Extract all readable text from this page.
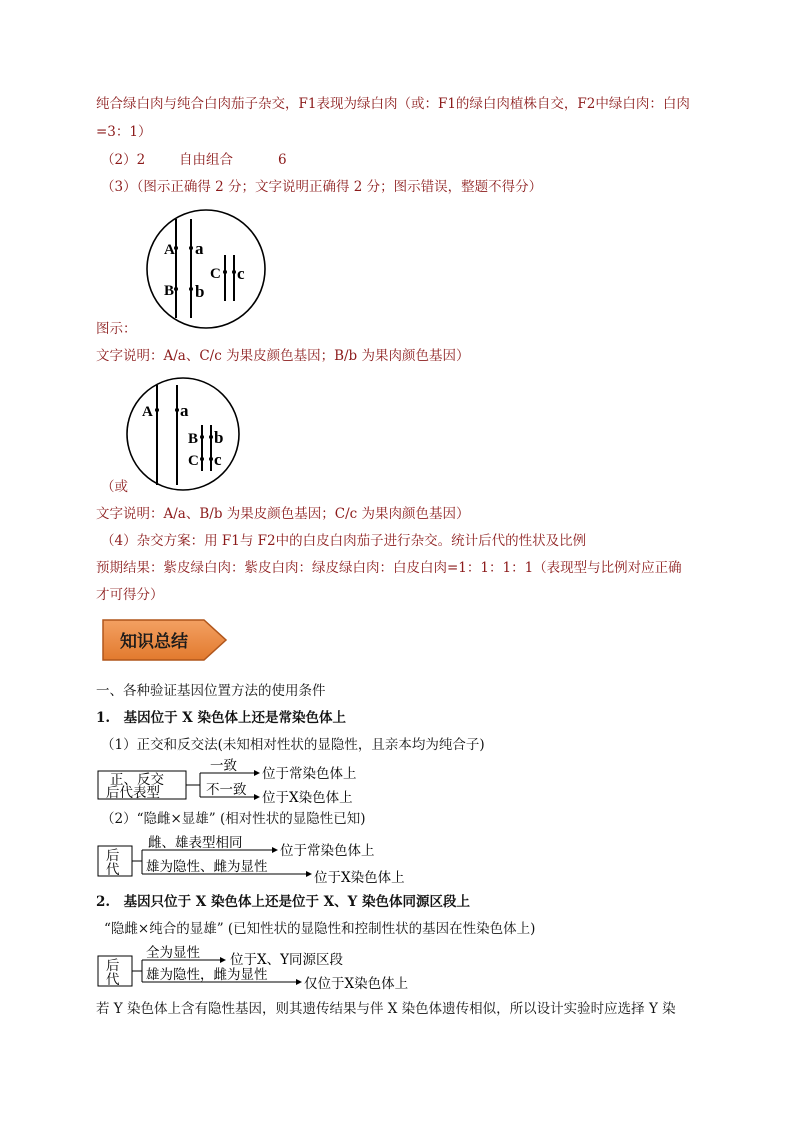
纯合绿白肉与纯合白肉茄子杂交，F1表现为绿白肉（或：F1的绿白肉植株自交，F2中绿白肉：白肉
=3：1）
（2）2	自由组合	6
（3）（图示正确得 2 分；文字说明正确得 2 分；图示错误，整题不得分）
A a
B b
C c
图示：
文字说明：A/a、C/c 为果皮颜色基因；B/b 为果肉颜色基因）
A a
B b
C c
（或
文字说明：A/a、B/b 为果皮颜色基因；C/c 为果肉颜色基因）
（4）杂交方案：用 F1与 F2中的白皮白肉茄子进行杂交。统计后代的性状及比例
预期结果：紫皮绿白肉：紫皮白肉：绿皮绿白肉：白皮白肉=1：1：1：1（表现型与比例对应正确
才可得分）
知识总结
一、各种验证基因位置方法的使用条件
1.　基因位于 X 染色体上还是常染色体上
（1）正交和反交法(未知相对性状的显隐性，且亲本均为纯合子)
正、反交
后代表型
一致
不一致
位于常染色体上
位于X染色体上
（2）“隐雌×显雄” (相对性状的显隐性已知)
后
代
雌、雄表型相同
雄为隐性、雌为显性
位于常染色体上
位于X染色体上
2.　基因只位于 X 染色体上还是位于 X、Y 染色体同源区段上
“隐雌×纯合的显雄” (已知性状的显隐性和控制性状的基因在性染色体上)
后
代
全为显性
雄为隐性，雌为显性
位于X、Y同源区段
仅位于X染色体上
若 Y 染色体上含有隐性基因，则其遗传结果与伴 X 染色体遗传相似，所以设计实验时应选择 Y 染
